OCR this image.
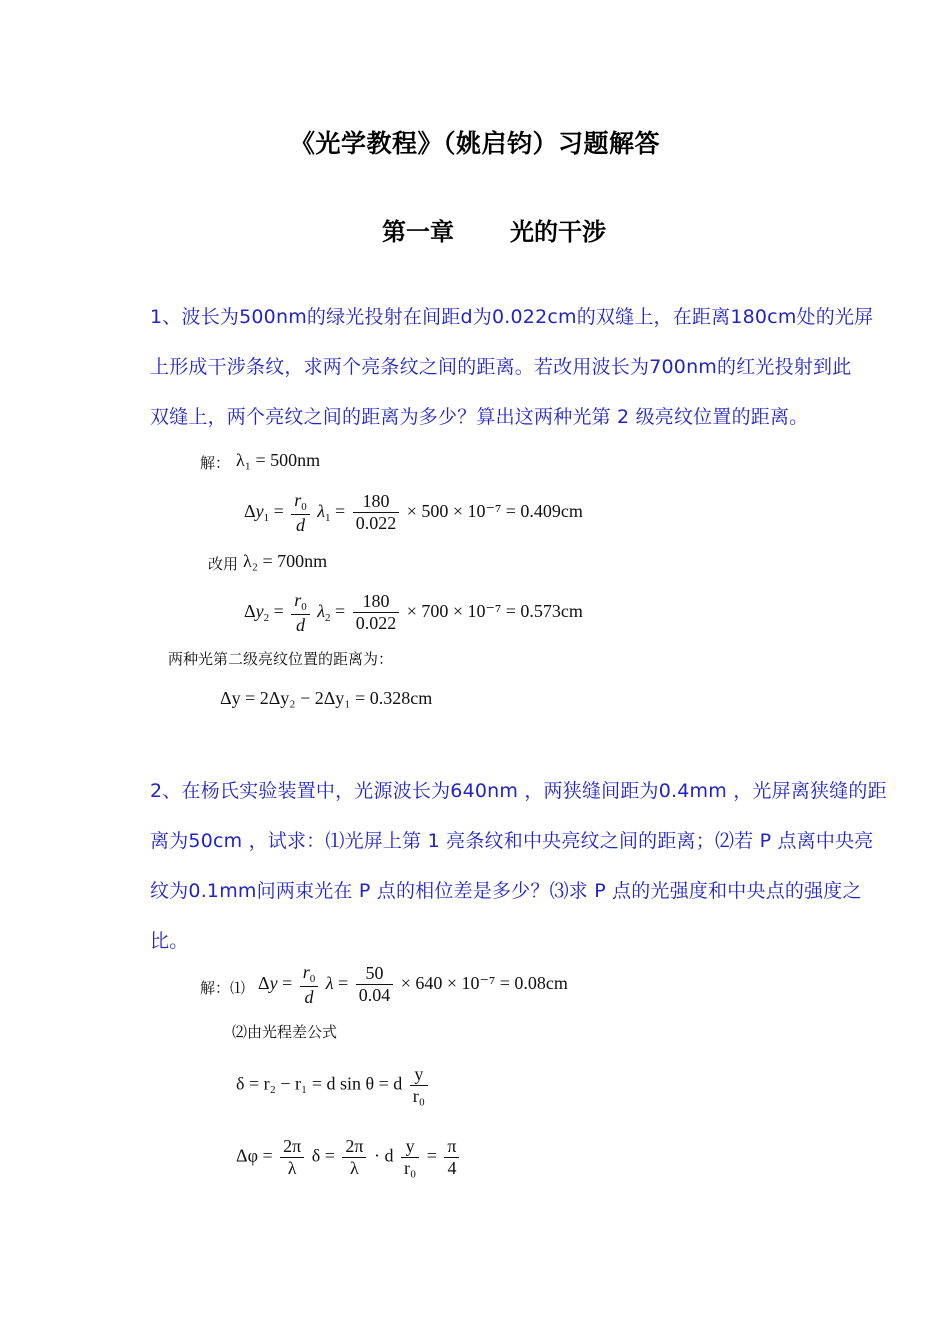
《光学教程》（姚启钧）习题解答
第一章 光的干涉
1、波长为500nm的绿光投射在间距d为0.022cm的双缝上，在距离180cm处的光屏
上形成干涉条纹，求两个亮条纹之间的距离。若改用波长为700nm的红光投射到此
双缝上，两个亮纹之间的距离为多少？算出这两种光第 2 级亮纹位置的距离。
解： λ₁ = 500nm
$\Delta y_1 = \frac{r_0}{d} \lambda_1 = \frac{180}{0.022} \times 500 \times 10^{-7} = 0.409cm$
改用 λ₂ = 700nm
$\Delta y_2 = \frac{r_0}{d} \lambda_2 = \frac{180}{0.022} \times 700 \times 10^{-7} = 0.573cm$
两种光第二级亮纹位置的距离为：
Δy = 2Δy₂ − 2Δy₁ = 0.328cm
2、在杨氏实验装置中，光源波长为640nm ，两狭缝间距为0.4mm ，光屏离狭缝的距
离为50cm ，试求：⑴光屏上第 1 亮条纹和中央亮纹之间的距离；⑵若 P 点离中央亮
纹为0.1mm问两束光在 P 点的相位差是多少？⑶求 P 点的光强度和中央点的强度之
比。
解：⑴ $\Delta y = \frac{r_0}{d}$ $\lambda = \frac{50}{0.04} \times 640 \times 10^{-7} = 0.08cm$
⑵由光程差公式
δ = r₂ − r₁ = d sin θ = d $\frac{y}{\text{r₀}}$
$\Delta\varphi = \frac{2\pi}{\lambda}$ $\delta = \frac{2\pi}{\lambda} \cdot d \frac{y}{\text{r₀}} = \frac{\pi}{4}$
